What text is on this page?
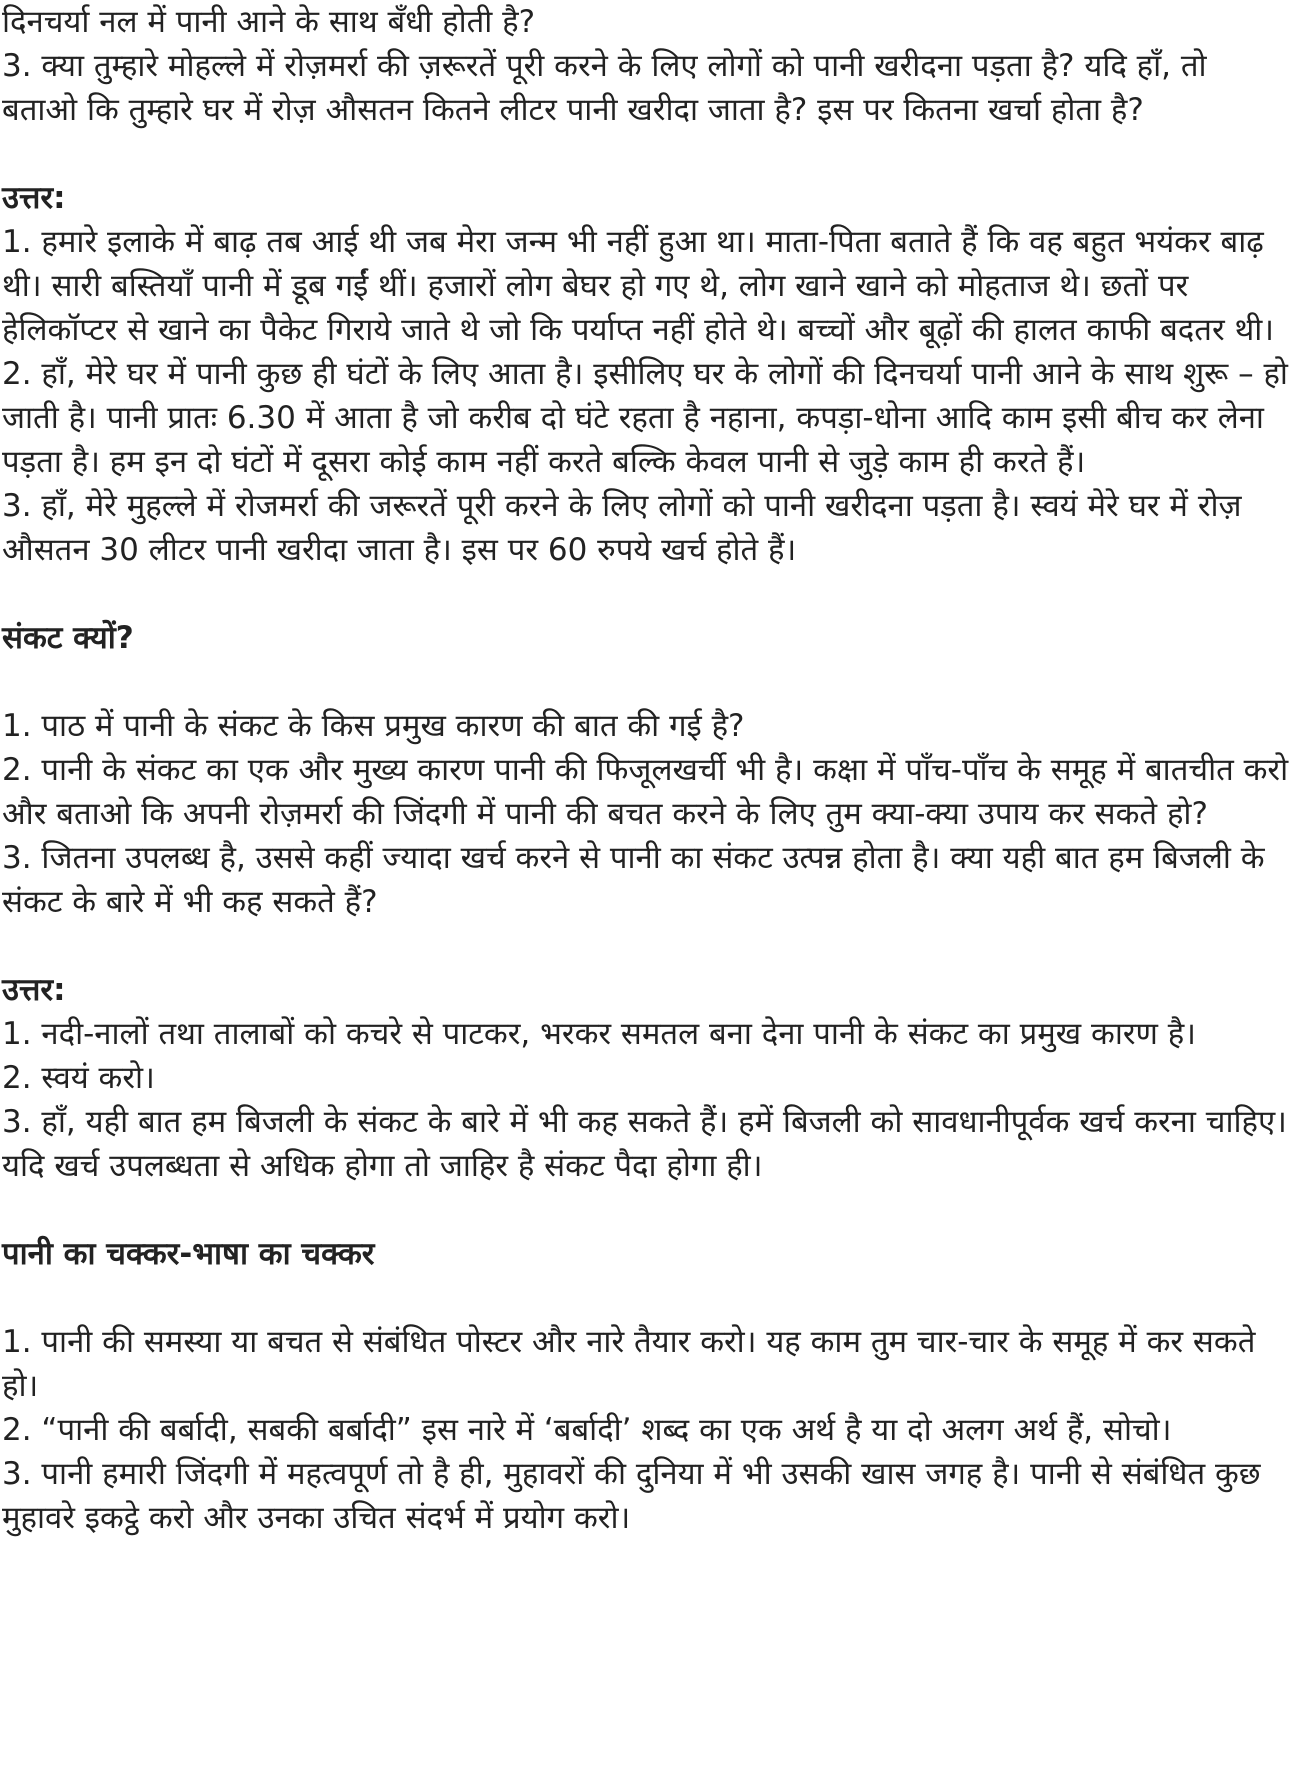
दिनचर्या नल में पानी आने के साथ बँधी होती है?

3. क्या तुम्हारे मोहल्ले में रोज़मर्रा की ज़रूरतें पूरी करने के लिए लोगों को पानी खरीदना पड़ता है? यदि हाँ, तो बताओ कि तुम्हारे घर में रोज़ औसतन कितने लीटर पानी खरीदा जाता है? इस पर कितना खर्चा होता है?

उत्तर:

1. हमारे इलाके में बाढ़ तब आई थी जब मेरा जन्म भी नहीं हुआ था। माता-पिता बताते हैं कि वह बहुत भयंकर बाढ़ थी। सारी बस्तियाँ पानी में डूब गईं थीं। हजारों लोग बेघर हो गए थे, लोग खाने खाने को मोहताज थे। छतों पर हेलिकॉप्टर से खाने का पैकेट गिराये जाते थे जो कि पर्याप्त नहीं होते थे। बच्चों और बूढ़ों की हालत काफी बदतर थी।

2. हाँ, मेरे घर में पानी कुछ ही घंटों के लिए आता है। इसीलिए घर के लोगों की दिनचर्या पानी आने के साथ शुरू – हो जाती है। पानी प्रातः 6.30 में आता है जो करीब दो घंटे रहता है नहाना, कपड़ा-धोना आदि काम इसी बीच कर लेना पड़ता है। हम इन दो घंटों में दूसरा कोई काम नहीं करते बल्कि केवल पानी से जुड़े काम ही करते हैं।

3. हाँ, मेरे मुहल्ले में रोजमर्रा की जरूरतें पूरी करने के लिए लोगों को पानी खरीदना पड़ता है। स्वयं मेरे घर में रोज़ औसतन 30 लीटर पानी खरीदा जाता है। इस पर 60 रुपये खर्च होते हैं।

संकट क्यों?

1. पाठ में पानी के संकट के किस प्रमुख कारण की बात की गई है?

2. पानी के संकट का एक और मुख्य कारण पानी की फिजूलखर्ची भी है। कक्षा में पाँच-पाँच के समूह में बातचीत करो और बताओ कि अपनी रोज़मर्रा की जिंदगी में पानी की बचत करने के लिए तुम क्या-क्या उपाय कर सकते हो?

3. जितना उपलब्ध है, उससे कहीं ज्यादा खर्च करने से पानी का संकट उत्पन्न होता है। क्या यही बात हम बिजली के संकट के बारे में भी कह सकते हैं?

उत्तर:

1. नदी-नालों तथा तालाबों को कचरे से पाटकर, भरकर समतल बना देना पानी के संकट का प्रमुख कारण है।

2. स्वयं करो।

3. हाँ, यही बात हम बिजली के संकट के बारे में भी कह सकते हैं। हमें बिजली को सावधानीपूर्वक खर्च करना चाहिए। यदि खर्च उपलब्धता से अधिक होगा तो जाहिर है संकट पैदा होगा ही।

पानी का चक्कर-भाषा का चक्कर

1. पानी की समस्या या बचत से संबंधित पोस्टर और नारे तैयार करो। यह काम तुम चार-चार के समूह में कर सकते हो।

2. “पानी की बर्बादी, सबकी बर्बादी” इस नारे में ‘बर्बादी’ शब्द का एक अर्थ है या दो अलग अर्थ हैं, सोचो।

3. पानी हमारी जिंदगी में महत्वपूर्ण तो है ही, मुहावरों की दुनिया में भी उसकी खास जगह है। पानी से संबंधित कुछ मुहावरे इकट्ठे करो और उनका उचित संदर्भ में प्रयोग करो।
